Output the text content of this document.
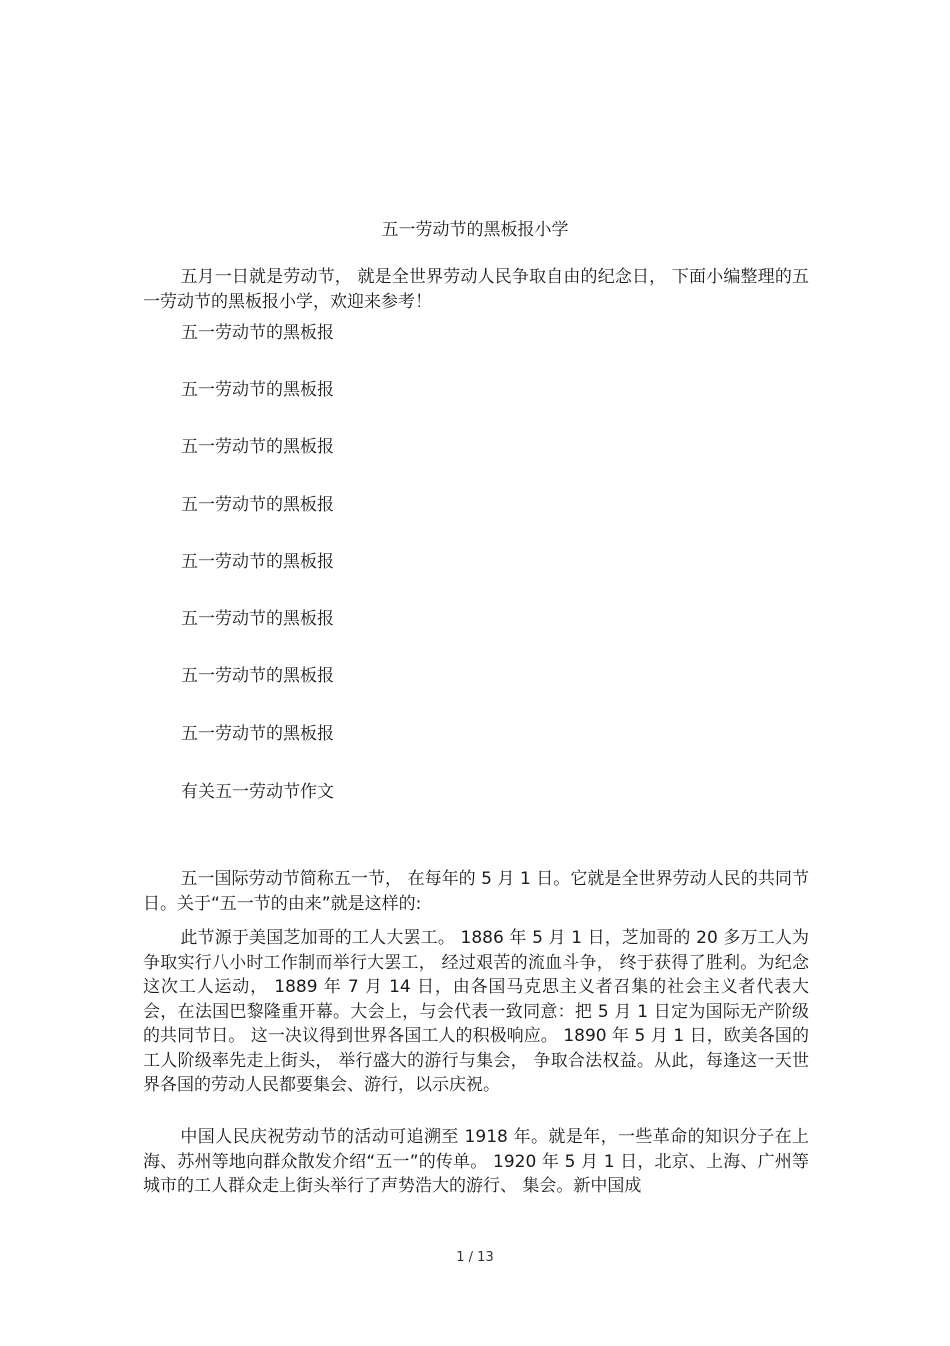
五一劳动节的黑板报小学
五月一日就是劳动节， 就是全世界劳动人民争取自由的纪念日， 下面小编整理的五一劳动节的黑板报小学，欢迎来参考！
五一劳动节的黑板报
五一劳动节的黑板报
五一劳动节的黑板报
五一劳动节的黑板报
五一劳动节的黑板报
五一劳动节的黑板报
五一劳动节的黑板报
五一劳动节的黑板报
有关五一劳动节作文
五一国际劳动节简称五一节， 在每年的 5 月 1 日。它就是全世界劳动人民的共同节日。关于“五一节的由来”就是这样的:
此节源于美国芝加哥的工人大罢工。 1886 年 5 月 1 日，芝加哥的 20 多万工人为争取实行八小时工作制而举行大罢工， 经过艰苦的流血斗争， 终于获得了胜利。为纪念这次工人运动， 1889 年 7 月 14 日，由各国马克思主义者召集的社会主义者代表大会，在法国巴黎隆重开幕。大会上，与会代表一致同意：把 5 月 1 日定为国际无产阶级的共同节日。 这一决议得到世界各国工人的积极响应。 1890 年 5 月 1 日，欧美各国的工人阶级率先走上街头， 举行盛大的游行与集会， 争取合法权益。从此，每逢这一天世界各国的劳动人民都要集会、游行，以示庆祝。
中国人民庆祝劳动节的活动可追溯至 1918 年。就是年，一些革命的知识分子在上海、苏州等地向群众散发介绍“五一”的传单。 1920 年 5 月 1 日，北京、上海、广州等城市的工人群众走上街头举行了声势浩大的游行、 集会。新中国成
1 / 13
